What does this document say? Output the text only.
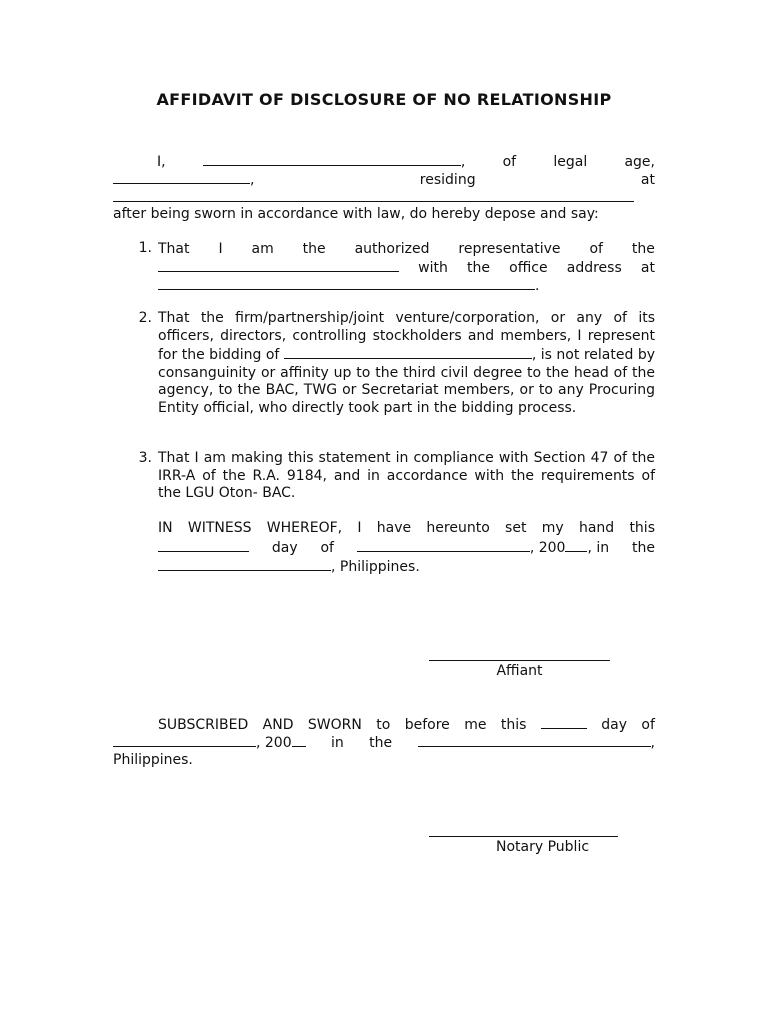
AFFIDAVIT OF DISCLOSURE OF NO RELATIONSHIP
I,	,	of	legal	age,
,	residing	at
after being sworn in accordance with law, do hereby depose and say:
1. That I am the authorized representative of the
with the office address at
.
2. That the firm/partnership/joint venture/corporation, or any of its officers, directors, controlling stockholders and members, I represent for the bidding of	, is not related by consanguinity or affinity up to the third civil degree to the head of the agency, to the BAC, TWG or Secretariat members, or to any Procuring Entity official, who directly took part in the bidding process.
3. That I am making this statement in compliance with Section 47 of the IRR-A of the R.A. 9184, and in accordance with the requirements of the LGU Oton- BAC.
IN WITNESS WHEREOF, I have hereunto set my hand this
day of	, 200 , in the
, Philippines.
Affiant
SUBSCRIBED AND SWORN to before me this	day of
, 200	in the	,
Philippines.
Notary Public
